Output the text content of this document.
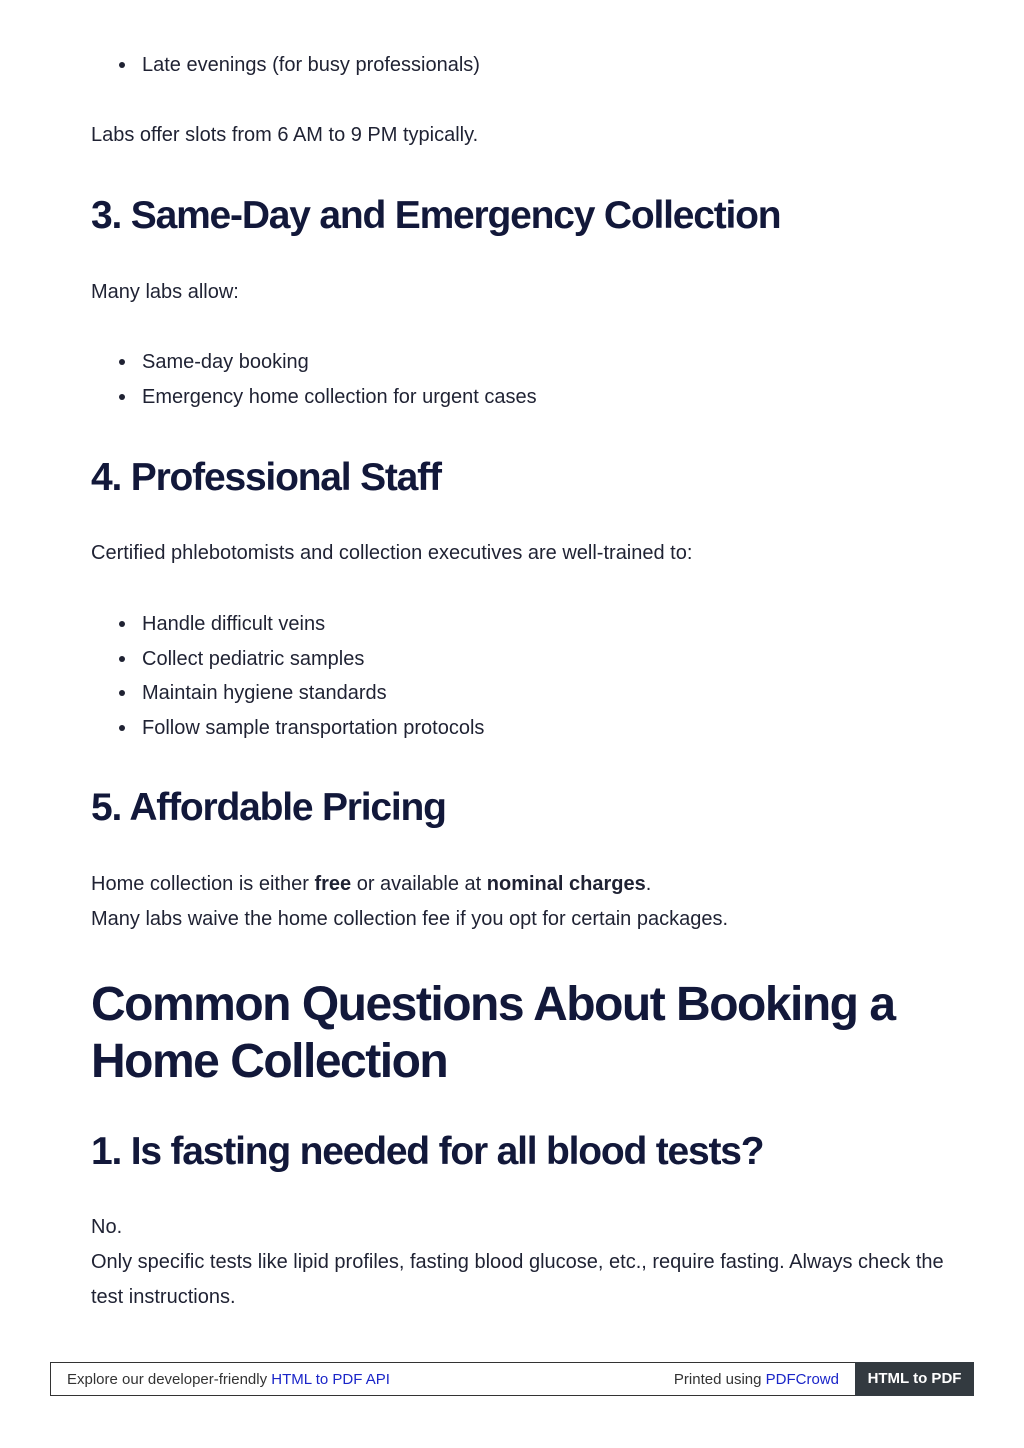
Late evenings (for busy professionals)

Labs offer slots from 6 AM to 9 PM typically.

3. Same-Day and Emergency Collection

Many labs allow:

Same-day booking
Emergency home collection for urgent cases
4. Professional Staff

Certified phlebotomists and collection executives are well-trained to:

Handle difficult veins
Collect pediatric samples
Maintain hygiene standards
Follow sample transportation protocols
5. Affordable Pricing

Home collection is either free or available at nominal charges.

Many labs waive the home collection fee if you opt for certain packages.

Common Questions About Booking a Home Collection
1. Is fasting needed for all blood tests?

No.

Only specific tests like lipid profiles, fasting blood glucose, etc., require fasting. Always check the test instructions.

Explore our developer-friendly HTML to PDF API	Printed using PDFCrowd	HTML to PDF
